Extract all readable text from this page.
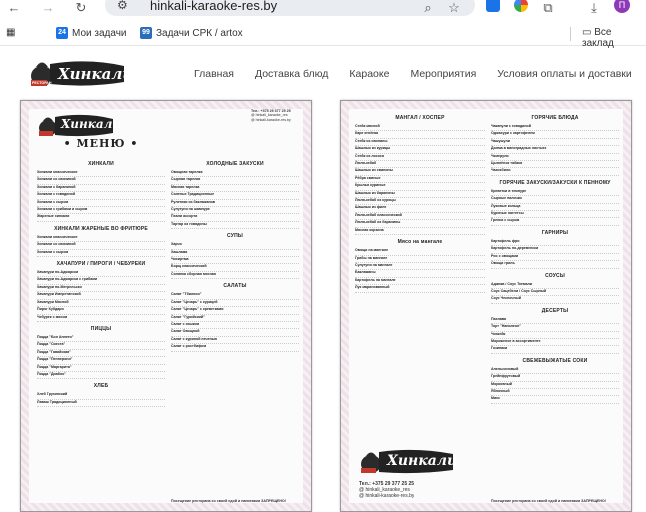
← → ↻	⚙ hinkali-karaoke-res.by	⌕	☆	⧉	⤓	П
▦	24 Мои задачи 99 Задачи СРК / artox	▭ Все заклад
Хинкали
РЕСТОРАН
Главная Доставка блюд Караоке Мероприятия Условия оплаты и доставки
Хинкали
Тел.: +375 29 377 25 25
@ hinkali_karaoke_res
@ hinkali-karaoke-res.by
• МЕНЮ •
ХИНКАЛИ
Хинкали классические
Хинкали со свининой
Хинкали с бараниной
Хинкали с говядиной
Хинкали с сыром
Хинкали с грибами и сыром
Жареные хинкали
ХИНКАЛИ ЖАРЕНЫЕ ВО ФРИТЮРЕ
Хинкали классические
Хинкали со свининой
Хинкали с сыром
ХАЧАПУРИ / ПИРОГИ / ЧЕБУРЕКИ
Хачапури по-Аджарски
Хачапури по-Аджарски с грибами
Хачапури по-Мегрельски
Хачапури Имеретинский
Хачапури Мясной
Пирог Кубдари
Чебурек с мясом
ПИЦЦЫ
Пицца "Бон Аппети"
Пицца "Сиеста"
Пицца "Гавайская"
Пицца "Пепперони"
Пицца "Маргарита"
Пицца "Диабло"
ХЛЕБ
Хлеб Грузинский
Лаваш Традиционный
ХОЛОДНЫЕ ЗАКУСКИ
Овощная тарелка
Сырная тарелка
Мясная тарелка
Соленья Традиционные
Рулетики из баклажанов
Сулугуни на шампуре
Пхали ассорти
Тартар из говядины
СУПЫ
Харчо
Хашлама
Чихиртма
Борщ классический
Солянка сборная мясная
САЛАТЫ
Салат "Тбилиси"
Салат "Цезарь" с курицей
Салат "Цезарь" с креветками
Салат "Гурийский"
Салат с языком
Салат Овощной
Салат с куриной печенью
Салат с ростбифом
Посещение ресторана со своей едой и напитками ЗАПРЕЩЕНО!
МАНГАЛ / ХОСПЕР
Стейк мясной
Каре ягнёнка
Стейк из свинины
Шашлык из курицы
Стейк из лосося
Люля-кебаб
Шашлык из свинины
Рёбра свиные
Крылья куриные
Шашлык из баранины
Люля-кебаб из курицы
Шашлык из филе
Люля-кебаб классический
Люля-кебаб из баранины
Мясная корзина
Мясо на мангале
Овощи на мангале
Грибы на мангале
Сулугуни на мангале
Баклажаны
Картофель на мангале
Лук маринованный
ГОРЯЧИЕ БЛЮДА
Чакапули с говядиной
Оджахури с картофелем
Чашушули
Долма в виноградных листьях
Чкмерули
Цыплёнок табака
Чахохбили
ГОРЯЧИЕ ЗАКУСКИ/ЗАКУСКИ К ПЕННОМУ
Креветки в темпуре
Сырные палочки
Луковые кольца
Куриные наггетсы
Гренки с сыром
ГАРНИРЫ
Картофель фри
Картофель по-деревенски
Рис с овощами
Овощи гриль
СОУСЫ
Аджика / Соус Ткемали
Соус Сацебели / Соус Сырный
Соус Чесночный
ДЕСЕРТЫ
Пахлава
Торт "Наполеон"
Чизкейк
Мороженое в ассортименте
Гозинаки
СВЕЖЕВЫЖАТЫЕ СОКИ
Апельсиновый
Грейпфрутовый
Морковный
Яблочный
Микс
Хинкали
Тел.: +375 29 377 25 25
@ hinkali_karaoke_res
@ hinkali-karaoke-res.by
Посещение ресторана со своей едой и напитками ЗАПРЕЩЕНО!
